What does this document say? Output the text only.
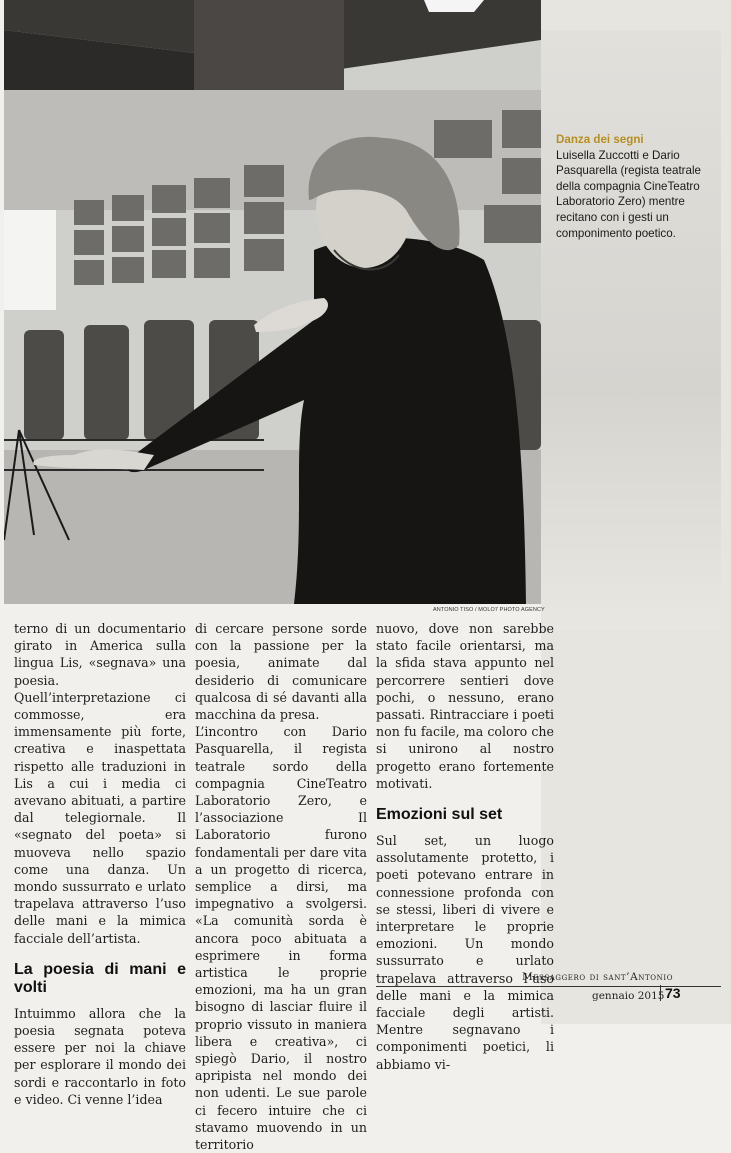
ANTONIO TISO / MOLO7 PHOTO AGENCY
Danza dei segni
Luisella Zuccotti e Dario Pasquarella (regista teatrale della compagnia CineTeatro Laboratorio Zero) mentre recitano con i gesti un componimento poetico.

terno di un documentario girato in America sulla lingua Lis, «segnava» una poesia. Quell’interpretazione ci commosse, era immensamente più forte, creativa e inaspettata rispetto alle traduzioni in Lis a cui i media ci avevano abituati, a partire dal telegiornale. Il «segnato del poeta» si muoveva nello spazio come una danza. Un mondo sussurrato e urlato trapelava attraverso l’uso delle mani e la mimica facciale dell’artista.

La poesia di mani e volti

Intuimmo allora che la poesia segnata poteva essere per noi la chiave per esplorare il mondo dei sordi e raccontarlo in foto e video. Ci venne l’idea

di cercare persone sorde con la passione per la poesia, animate dal desiderio di comunicare qualcosa di sé davanti alla macchina da presa.

L’incontro con Dario Pasquarella, il regista teatrale sordo della compagnia CineTeatro Laboratorio Zero, e l’associazione Il Laboratorio furono fondamentali per dare vita a un progetto di ricerca, semplice a dirsi, ma impegnativo a svolgersi. «La comunità sorda è ancora poco abituata a esprimere in forma artistica le proprie emozioni, ma ha un gran bisogno di lasciar fluire il proprio vissuto in maniera libera e creativa», ci spiegò Dario, il nostro apripista nel mondo dei non udenti. Le sue parole ci fecero intuire che ci stavamo muovendo in un territorio

nuovo, dove non sarebbe stato facile orientarsi, ma la sfida stava appunto nel percorrere sentieri dove pochi, o nessuno, erano passati. Rintracciare i poeti non fu facile, ma coloro che si unirono al nostro progetto erano fortemente motivati.

Emozioni sul set

Sul set, un luogo assolutamente protetto, i poeti potevano entrare in connessione profonda con se stessi, liberi di vivere e interpretare le proprie emozioni. Un mondo sussurrato e urlato trapelava attraverso l’uso delle mani e la mimica facciale degli artisti. Mentre segnavano i componimenti poetici, li abbiamo vi-

Messaggero di sant’Antonio
gennaio 2015 73
